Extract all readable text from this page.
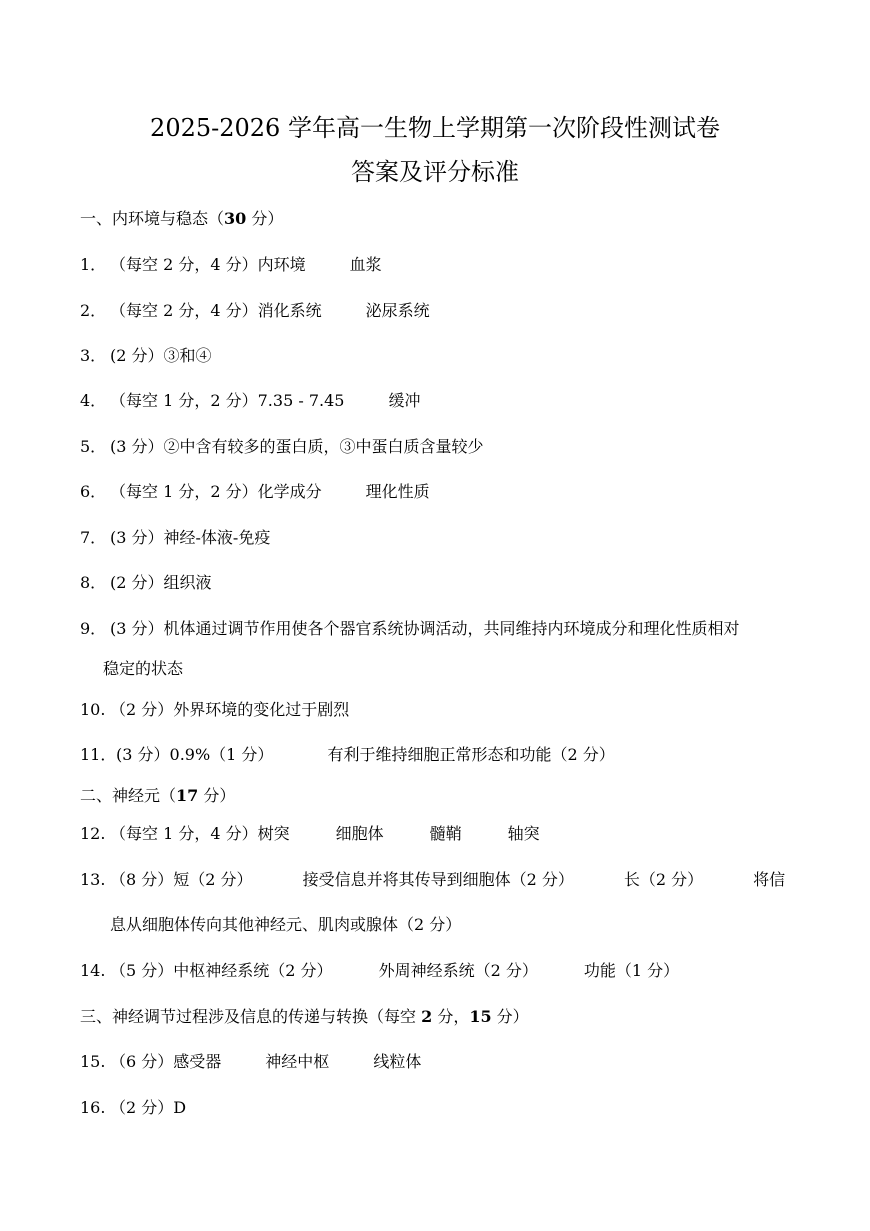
2025-2026 学年高一生物上学期第一次阶段性测试卷
答案及评分标准
一、内环境与稳态（30 分）
1． （每空 2 分，4 分）内环境	血浆
2． （每空 2 分，4 分）消化系统	泌尿系统
3． (2 分）③和④
4． （每空 1 分，2 分）7.35 - 7.45	缓冲
5． (3 分）②中含有较多的蛋白质，③中蛋白质含量较少
6． （每空 1 分，2 分）化学成分	理化性质
7． (3 分）神经-体液-免疫
8． (2 分）组织液
9． (3 分）机体通过调节作用使各个器官系统协调活动，共同维持内环境成分和理化性质相对
稳定的状态
10. （2 分）外界环境的变化过于剧烈
11．(3 分）0.9%（1 分）	有利于维持细胞正常形态和功能（2 分）
二、神经元（17 分）
12. （每空 1 分，4 分）树突	细胞体	髓鞘	轴突
13. （8 分）短（2 分）	接受信息并将其传导到细胞体（2 分）	长（2 分）	将信
息从细胞体传向其他神经元、肌肉或腺体（2 分）
14. （5 分）中枢神经系统（2 分）	外周神经系统（2 分）	功能（1 分）
三、神经调节过程涉及信息的传递与转换（每空 2 分，15 分）
15. （6 分）感受器	神经中枢	线粒体
16. （2 分）D
